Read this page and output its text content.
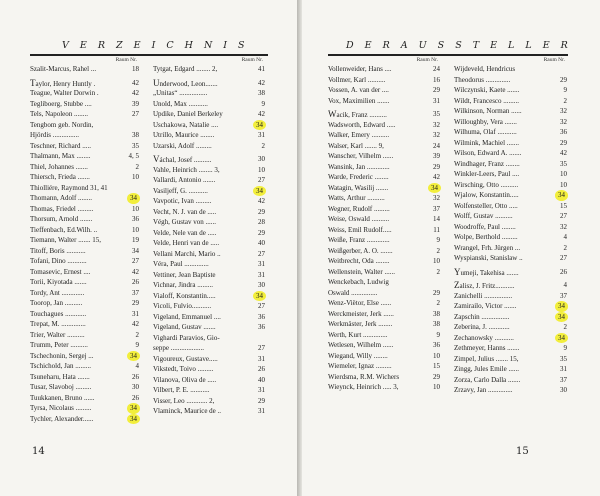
V E R Z E I C H N I S
Raum Nr.
Szalit-Marcus, Rahel ...	18
Taylor, Henry Huntly .	42
Teague, Walter Dorwin .	42
Tegliboerg, Stubbe ....	39
Tels, Napoleon ........	27
Tengbom geb. Nordin,
Hjördis ...............	38
Teschner, Richard .....	35
Thalmann, Max ........	4, 5
Thiel, Johannes .......	2
Thiersch, Frieda .......	10
Thiolliére, Raymond 31, 41
Thomann, Adolf ........	34
Thomas, Friedel .........	10
Thorsum, Arnold .......	36
Tieffenbach, Ed.Wilh. ..	10
Tiemann, Walter ....... 15,	19
Titoff, Boris ...........	34
Tofani, Dino ...........	27
Tomasevic, Ernest ....	42
Torii, Kiyotada .......	26
Tordy, Ant .............	37
Toorop, Jan ..........	29
Touchagues ............	31
Trepat, M. ..............	42
Trier, Walter ..........	2
Trumm, Peter ..........	9
Tschechonin, Sergej ...	34
Tschichold, Jan .........	4
Tsuneharu, Hata .......	26
Tusar, Slavoboj .........	30
Tuukkanen, Bruno ......	26
Tyrsa, Nicolaus .........	34
Tychler, Alexander......	34
Raum Nr.
Tytgat, Edgard ........ 2,	41
Underwood, Leon.......	42
„Unitas“ ................	38
Unold, Max ...........	9
Updike, Daniel Berkeley	42
Uschakowa, Natalie ....	34
Utrillo, Maurice ........	31
Uzarski, Adolf .........	2
Váchal, Josef ..........	30
Vahle, Heinrich ........ 3,	10
Vallardi, Antonio .......	27
Vasiljeff, G. ...........	34
Vavpotic, Ivan .........	42
Vecht, N. J. van de .....	29
Végh, Gustav von ......	28
Velde, Nele van de .....	29
Velde, Henri van de .....	40
Vellani Marchi, Mario ..	27
Véra, Paul ..............	31
Vettiner, Jean Baptiste	31
Vichnar, Jindra .........	30
Vialoff, Konstantin.....	34
Vicoli, Fulvio...........	27
Vigeland, Emmanuel ....	36
Vigeland, Gustav .......	36
Vighardi Paravios, Gio-
seppe ...................	27
Vigoureux, Gustave.....	31
Vikstedt, Toivo .........	26
Vilanova, Oliva de .....	40
Vilbert, P. E. ...........	31
Visser, Leo ............ 2,	29
Vlaminck, Maurice de ..	31
14
D E R A U S S T E L L E R
Raum Nr.
Vollenweider, Hans ....	24
Vollmer, Karl ..........	16
Vossen, A. van der ....	29
Vox, Maximilien .......	31
Wacik, Franz ..........	35
Wadsworth, Edward .....	32
Walker, Emery ..........	32
Walser, Karl ....... 9,	24
Wanscher, Vilhelm ......	39
Wansink, Jan .............	29
Warde, Frederic ........	42
Watagin, Wasilij .......	34
Watts, Arthur ..........	32
Wegner, Rudolf .........	37
Weise, Oswald ..........	14
Weiss, Emil Rudolf.....	11
Weiße, Franz .............	9
Weißgerber, A. O. .......	2
Weitbrecht, Oda ........	10
Wellenstein, Walter ......	2
Wenckebach, Ludwig
Oswald ...............	29
Wenz-Viëtor, Else ......	2
Werckmeister, Jerk ......	38
Werkmäster, Jerk ........	38
Werth, Kurt ..............	9
Wetlesen, Wilhelm ......	36
Wiegand, Willy ........	10
Wiemeler, Ignaz .........	15
Wierdsma, R.M. Wichers	29
Wieynck, Heinrich ..... 3,	10
Raum Nr.
Wijdeveld, Hendricus
Theodorus ..............	29
Wilczynski, Kaete .......	9
Wildt, Francesco .........	2
Wilkinson, Norman ......	32
Willoughby, Vera .......	32
Wilhuma, Olaf ...........	36
Wilmink, Machiel .......	29
Wilson, Edward A. .......	42
Windhager, Franz ........	35
Winkler-Leers, Paul ....	10
Wirsching, Otto ..........	10
Wjalow, Konstantin.....	34
Wolfensteller, Otto .....	15
Wolff, Gustav ..........	27
Woodroffe, Paul ........	32
Wolpe, Berthold .........	4
Wrangel, Frh. Jürgen ...	2
Wyspianski, Stanislaw ..	27
Yumeji, Takehisa .......	26
Zalisz, J. Fritz...........	4
Zanichelli ................	37
Zamirailo, Victor .......	34
Zapschin ................	34
Zeberina, J. ............	2
Zechanowsky ...........	34
Zethmeyer, Hanns .......	9
Zimpel, Julius ....... 15,	35
Zingg, Jules Emile ......	31
Zorza, Carlo Dalla .......	37
Zrzavy, Jan ..............	30
15
